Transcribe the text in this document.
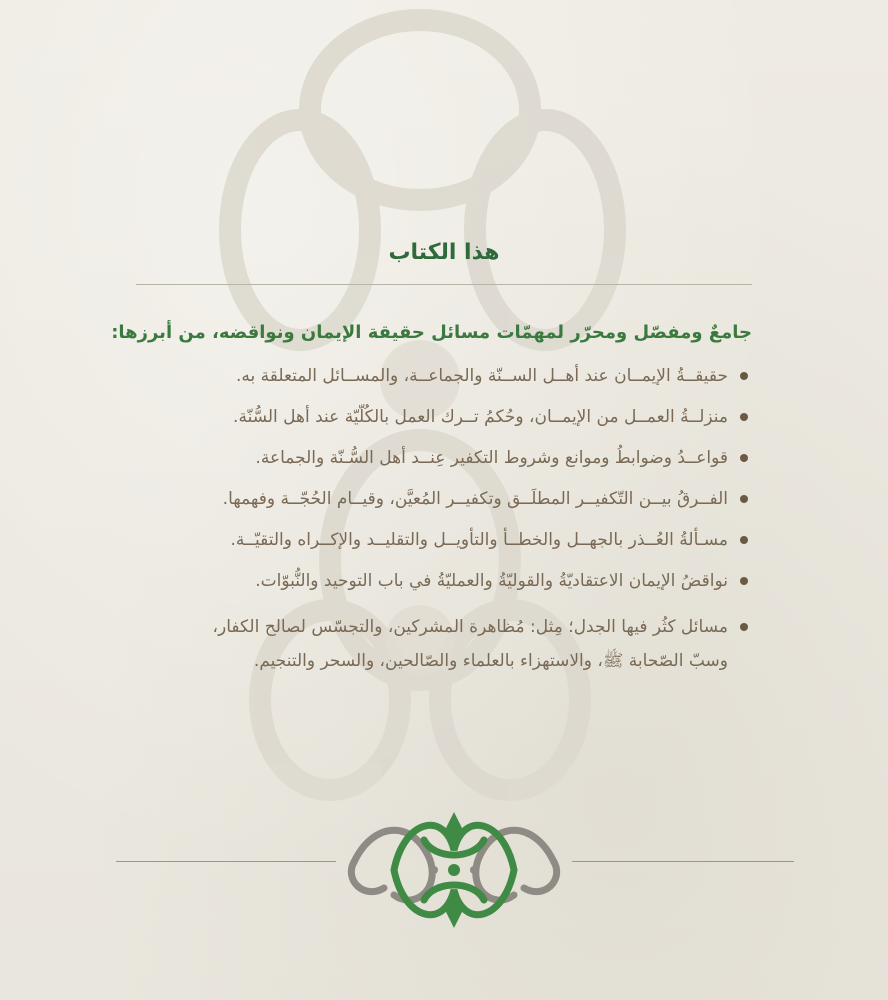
هذا الكتاب
جامعٌ ومفصّل ومحرّر لمهمّات مسائل حقيقة الإيمان ونواقضه، من أبرزها:
حقيقــةُ الإيمــان عند أهــل الســنّة والجماعــة، والمســائل المتعلقة به.
منزلــةُ العمــل من الإيمــان، وحُكمُ تــرك العمل بالكُلّيّة عند أهل السُّنّة.
قواعــدُ وضوابطُ وموانع وشروط التكفير عِنــد أهل السُّـنّة والجماعة.
الفــرقُ بيــن التّكفيــر المطلَــق وتكفيــر المُعيَّن، وقيــام الحُجّــة وفهمها.
مسـألةُ العُــذر بالجهــل والخطــأ والتأويــل والتقليــد والإكــراه والتقيّــة.
نواقضُ الإيمان الاعتقاديّةُ والقوليّةُ والعمليّةُ في باب التوحيد والنُّبوّات.
مسائل كثُر فيها الجدل؛ مِثل: مُظاهرة المشركين، والتجسّس لصالح الكفار،
وسبّ الصّحابة ﷺ، والاستهزاء بالعلماء والصّالحين، والسحر والتنجيم.
